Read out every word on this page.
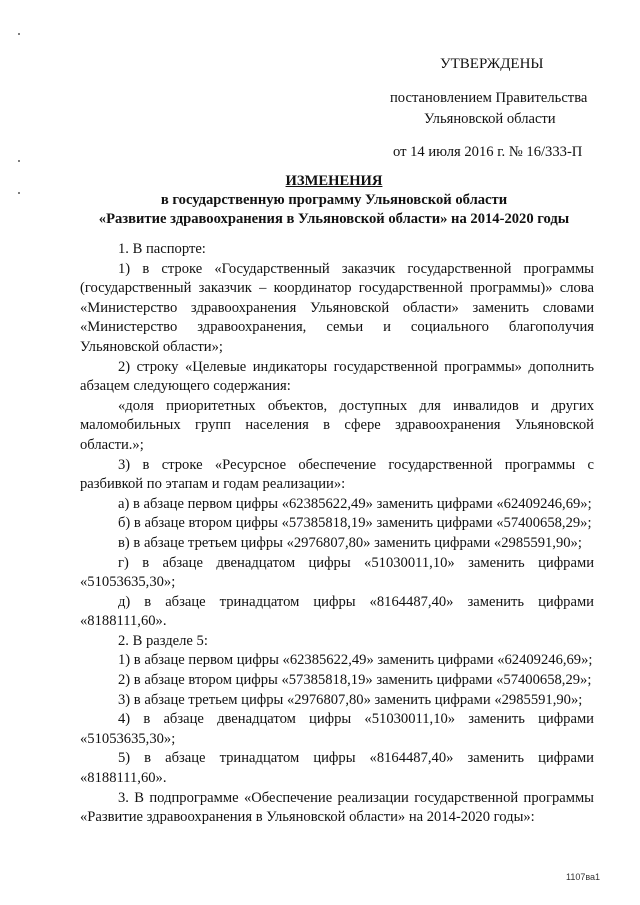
УТВЕРЖДЕНЫ
постановлением Правительства
Ульяновской области
от 14 июля 2016 г. № 16/333-П
ИЗМЕНЕНИЯ
в государственную программу Ульяновской области
«Развитие здравоохранения в Ульяновской области» на 2014-2020 годы

1. В паспорте:

1) в строке «Государственный заказчик государственной программы (государственный заказчик – координатор государственной программы)» слова «Министерство здравоохранения Ульяновской области» заменить словами «Министерство здравоохранения, семьи и социального благополучия Ульяновской области»;

2) строку «Целевые индикаторы государственной программы» дополнить абзацем следующего содержания:

«доля приоритетных объектов, доступных для инвалидов и других маломобильных групп населения в сфере здравоохранения Ульяновской области.»;

3) в строке «Ресурсное обеспечение государственной программы с разбивкой по этапам и годам реализации»:

а) в абзаце первом цифры «62385622,49» заменить цифрами «62409246,69»;

б) в абзаце втором цифры «57385818,19» заменить цифрами «57400658,29»;

в) в абзаце третьем цифры «2976807,80» заменить цифрами «2985591,90»;

г) в абзаце двенадцатом цифры «51030011,10» заменить цифрами «51053635,30»;

д) в абзаце тринадцатом цифры «8164487,40» заменить цифрами «8188111,60».

2. В разделе 5:

1) в абзаце первом цифры «62385622,49» заменить цифрами «62409246,69»;

2) в абзаце втором цифры «57385818,19» заменить цифрами «57400658,29»;

3) в абзаце третьем цифры «2976807,80» заменить цифрами «2985591,90»;

4) в абзаце двенадцатом цифры «51030011,10» заменить цифрами «51053635,30»;

5) в абзаце тринадцатом цифры «8164487,40» заменить цифрами «8188111,60».

3. В подпрограмме «Обеспечение реализации государственной программы «Развитие здравоохранения в Ульяновской области» на 2014-2020 годы»:

1107ва1
